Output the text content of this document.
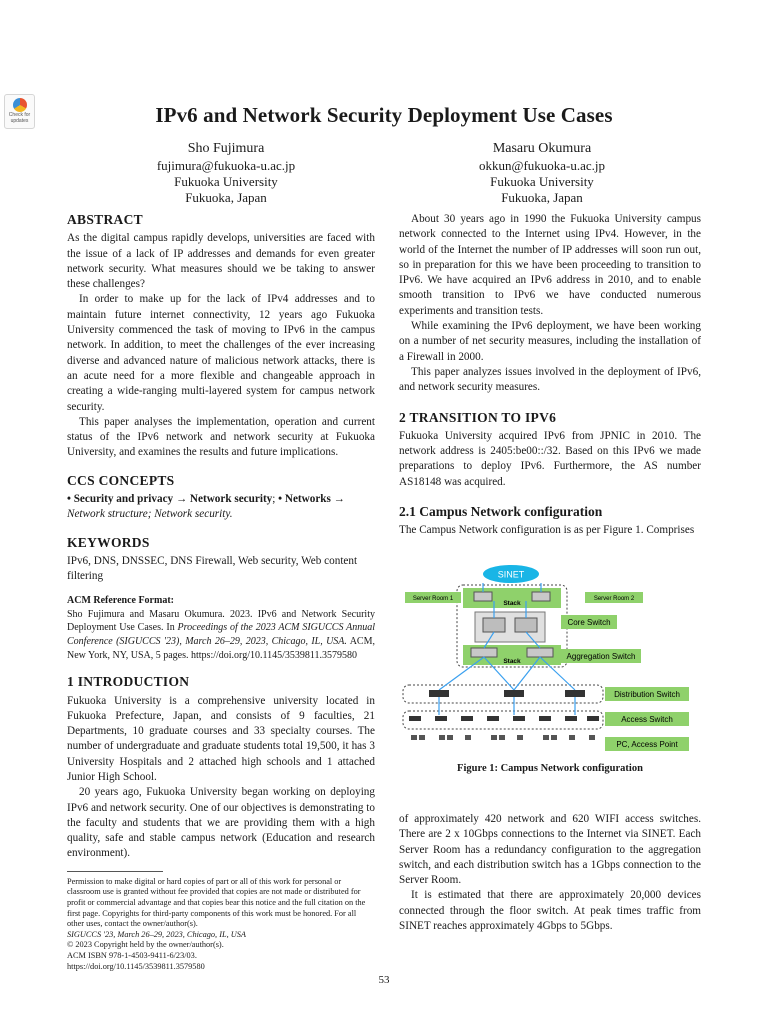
Check for
updates	IPv6 and Network Security Deployment Use Cases
Sho Fujimura
fujimura@fukuoka-u.ac.jp
Fukuoka University
Fukuoka, Japan
Masaru Okumura
okkun@fukuoka-u.ac.jp
Fukuoka University
Fukuoka, Japan
ABSTRACT

As the digital campus rapidly develops, universities are faced with the issue of a lack of IP addresses and demands for even greater network security. What measures should we be taking to answer these challenges?

In order to make up for the lack of IPv4 addresses and to maintain future internet connectivity, 12 years ago Fukuoka University commenced the task of moving to IPv6 in the campus network. In addition, to meet the challenges of the ever increasing diverse and advanced nature of malicious network attacks, there is an acute need for a more flexible and changeable approach in creating a wide-ranging multi-layered system for campus network security.

This paper analyses the implementation, operation and current status of the IPv6 network and network security at Fukuoka University, and examines the results and future implications.

CCS CONCEPTS

• Security and privacy → Network security; • Networks → Network structure; Network security.

KEYWORDS

IPv6, DNS, DNSSEC, DNS Firewall, Web security, Web content filtering

ACM Reference Format:

Sho Fujimura and Masaru Okumura. 2023. IPv6 and Network Security Deployment Use Cases. In Proceedings of the 2023 ACM SIGUCCS Annual Conference (SIGUCCS '23), March 26–29, 2023, Chicago, IL, USA. ACM, New York, NY, USA, 5 pages. https://doi.org/10.1145/3539811.3579580

1 INTRODUCTION

Fukuoka University is a comprehensive university located in Fukuoka Prefecture, Japan, and consists of 9 faculties, 21 Departments, 10 graduate courses and 33 specialty courses. The number of undergraduate and graduate students total 19,500, it has 3 University Hospitals and 2 attached high schools and 1 attached Junior High School.

20 years ago, Fukuoka University began working on deploying IPv6 and network security. One of our objectives is demonstrating to the faculty and students that we are providing them with a high quality, safe and stable campus network (Education and research environment).

Permission to make digital or hard copies of part or all of this work for personal or classroom use is granted without fee provided that copies are not made or distributed for profit or commercial advantage and that copies bear this notice and the full citation on the first page. Copyrights for third-party components of this work must be honored. For all other uses, contact the owner/author(s).
SIGUCCS '23, March 26–29, 2023, Chicago, IL, USA
© 2023 Copyright held by the owner/author(s).
ACM ISBN 978-1-4503-9411-6/23/03.
https://doi.org/10.1145/3539811.3579580

About 30 years ago in 1990 the Fukuoka University campus network connected to the Internet using IPv4. However, in the world of the Internet the number of IP addresses will soon run out, so in preparation for this we have been proceeding to transition to IPv6. We have acquired an IPv6 address in 2010, and to enable smooth transition to IPv6 we have conducted numerous experiments and transition tests.

While examining the IPv6 deployment, we have been working on a number of net security measures, including the installation of a Firewall in 2000.

This paper analyzes issues involved in the deployment of IPv6, and network security measures.

2 TRANSITION TO IPV6

Fukuoka University acquired IPv6 from JPNIC in 2010. The network address is 2405:be00::/32. Based on this IPv6 we made preparations to deploy IPv6. Furthermore, the AS number AS18148 was acquired.

2.1 Campus Network configuration

The Campus Network configuration is as per Figure 1. Comprises

SINET
Server Room 1	Server Room 2
Stack
Core Switch
Stack
Aggregation Switch
Distribution Switch
Access Switch
PC, Access Point
Figure 1: Campus Network configuration

of approximately 420 network and 620 WIFI access switches. There are 2 x 10Gbps connections to the Internet via SINET. Each Server Room has a redundancy configuration to the aggregation switch, and each distribution switch has a 1Gbps connection to the Server Room.

It is estimated that there are approximately 20,000 devices connected through the floor switch. At peak times traffic from SINET reaches approximately 4Gbps to 5Gbps.

53
